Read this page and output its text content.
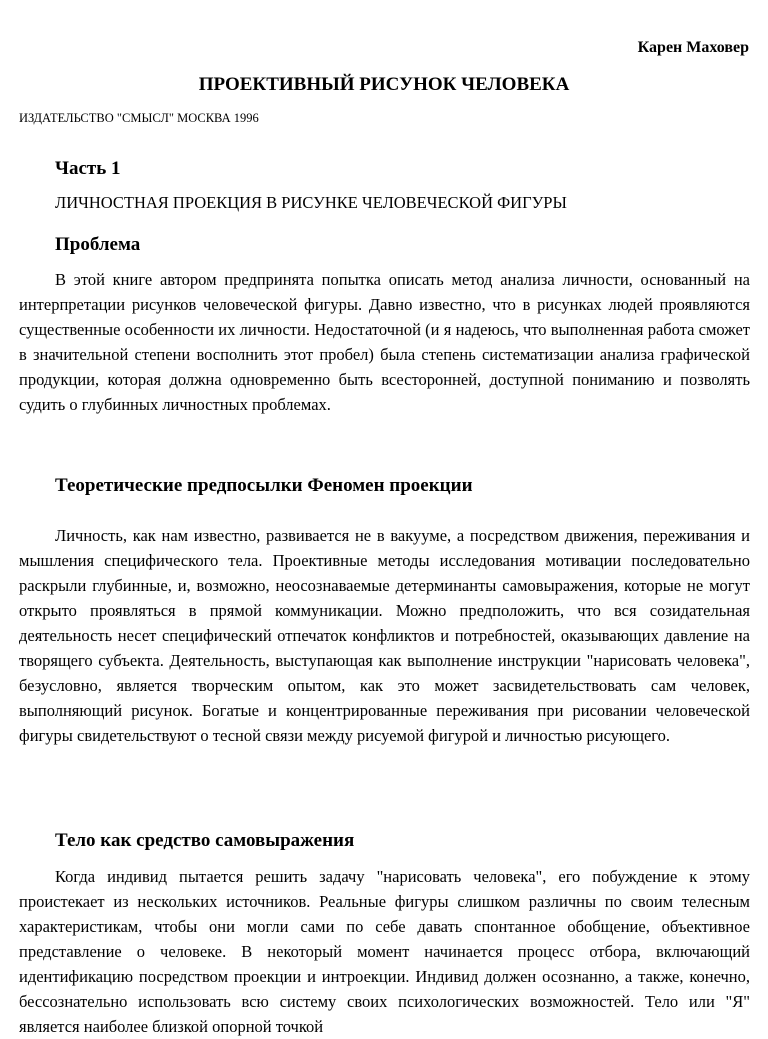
Карен Маховер
ПРОЕКТИВНЫЙ РИСУНОК ЧЕЛОВЕКА
ИЗДАТЕЛЬСТВО "СМЫСЛ" МОСКВА 1996
Часть 1
ЛИЧНОСТНАЯ ПРОЕКЦИЯ В РИСУНКЕ ЧЕЛОВЕЧЕСКОЙ ФИГУРЫ
Проблема

В этой книге автором предпринята попытка описать метод анализа личности, основанный на интерпретации рисунков человеческой фигуры. Давно известно, что в рисунках людей проявляются существенные особенности их личности. Недостаточной (и я надеюсь, что выполненная работа сможет в значительной степени восполнить этот пробел) была степень систематизации анализа графической продукции, которая должна одновременно быть всесторонней, доступной пониманию и позволять судить о глубинных личностных проблемах.

Теоретические предпосылки Феномен проекции

Личность, как нам известно, развивается не в вакууме, а посредством движения, переживания и мышления специфического тела. Проективные методы исследования мотивации последовательно раскрыли глубинные, и, возможно, неосознаваемые детерминанты самовыражения, которые не могут открыто проявляться в прямой коммуникации. Можно предположить, что вся созидательная деятельность несет специфический отпечаток конфликтов и потребностей, оказывающих давление на творящего субъекта. Деятельность, выступающая как выполнение инструкции "нарисовать человека", безусловно, является творческим опытом, как это может засвидетельствовать сам человек, выполняющий рисунок. Богатые и концентрированные переживания при рисовании человеческой фигуры свидетельствуют о тесной связи между рисуемой фигурой и личностью рисующего.

Тело как средство самовыражения

Когда индивид пытается решить задачу "нарисовать человека", его побуждение к этому проистекает из нескольких источников. Реальные фигуры слишком различны по своим телесным характеристикам, чтобы они могли сами по себе давать спонтанное обобщение, объективное представление о человеке. В некоторый момент начинается процесс отбора, включающий идентификацию посредством проекции и интроекции. Индивид должен осознанно, а также, конечно, бессознательно использовать всю систему своих психологических возможностей. Тело или "Я" является наиболее близкой опорной точкой
